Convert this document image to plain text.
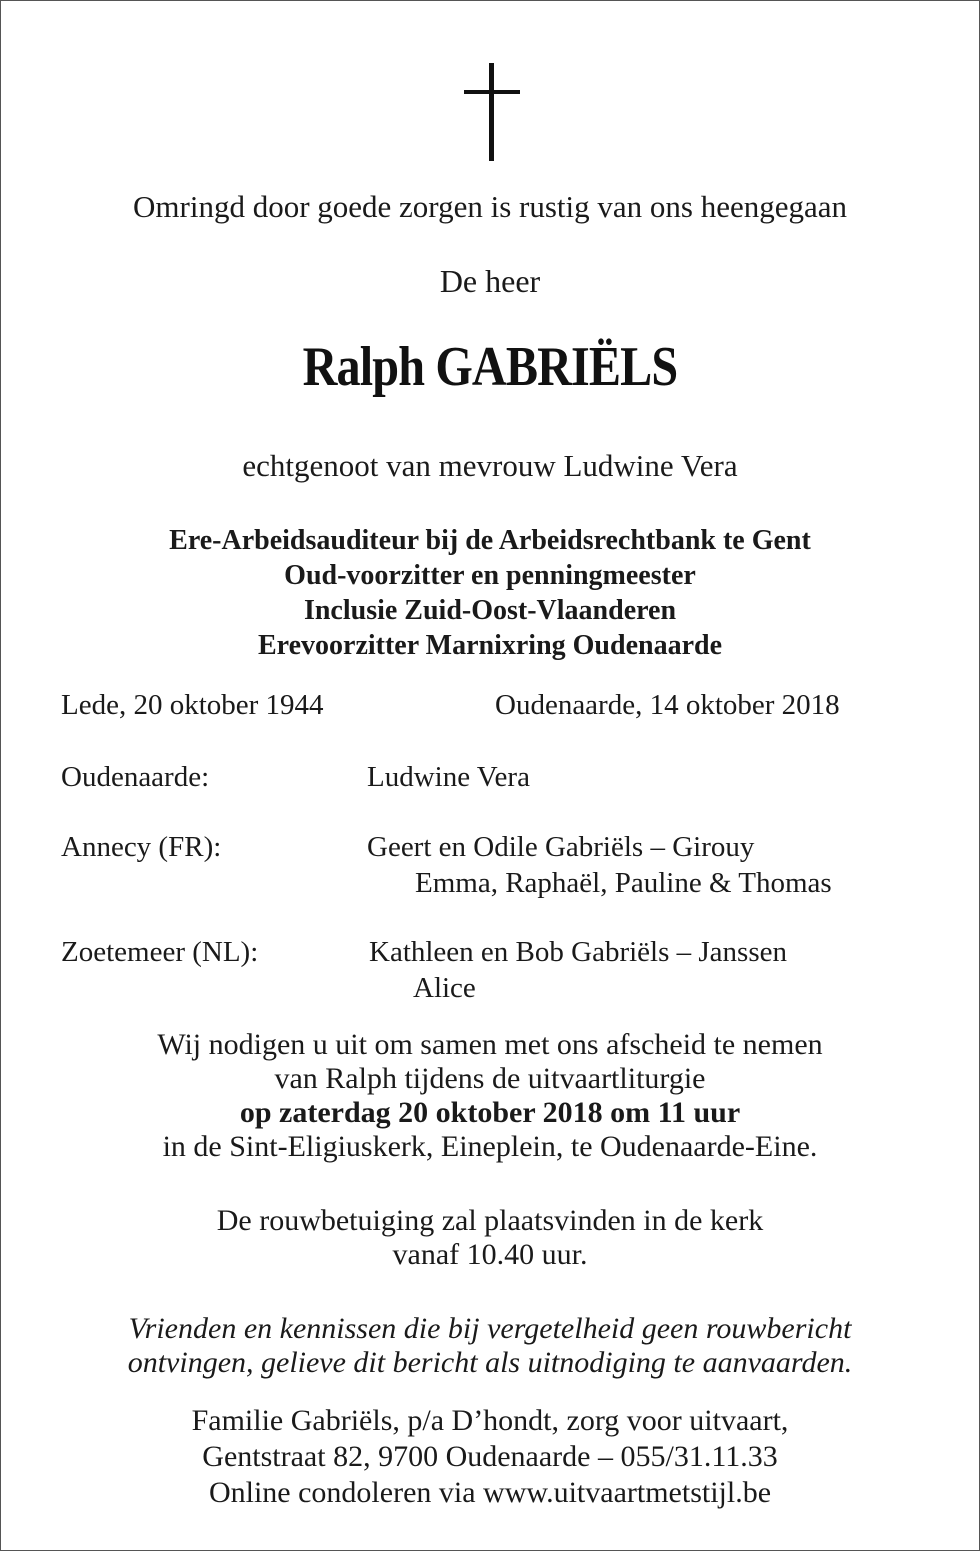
Omringd door goede zorgen is rustig van ons heengegaan
De heer
Ralph GABRIËLS
echtgenoot van mevrouw Ludwine Vera
Ere-Arbeidsauditeur bij de Arbeidsrechtbank te Gent
Oud-voorzitter en penningmeester
Inclusie Zuid-Oost-Vlaanderen
Erevoorzitter Marnixring Oudenaarde
Lede, 20 oktober 1944	Oudenaarde, 14 oktober 2018
Oudenaarde:	Ludwine Vera
Annecy (FR):	Geert en Odile Gabriëls – Girouy
Emma, Raphaël, Pauline & Thomas
Zoetemeer (NL):	Kathleen en Bob Gabriëls – Janssen
Alice
Wij nodigen u uit om samen met ons afscheid te nemen
van Ralph tijdens de uitvaartliturgie
op zaterdag 20 oktober 2018 om 11 uur
in de Sint-Eligiuskerk, Eineplein, te Oudenaarde-Eine.
De rouwbetuiging zal plaatsvinden in de kerk
vanaf 10.40 uur.
Vrienden en kennissen die bij vergetelheid geen rouwbericht
ontvingen, gelieve dit bericht als uitnodiging te aanvaarden.
Familie Gabriëls, p/a D’hondt, zorg voor uitvaart,
Gentstraat 82, 9700 Oudenaarde – 055/31.11.33
Online condoleren via www.uitvaartmetstijl.be
